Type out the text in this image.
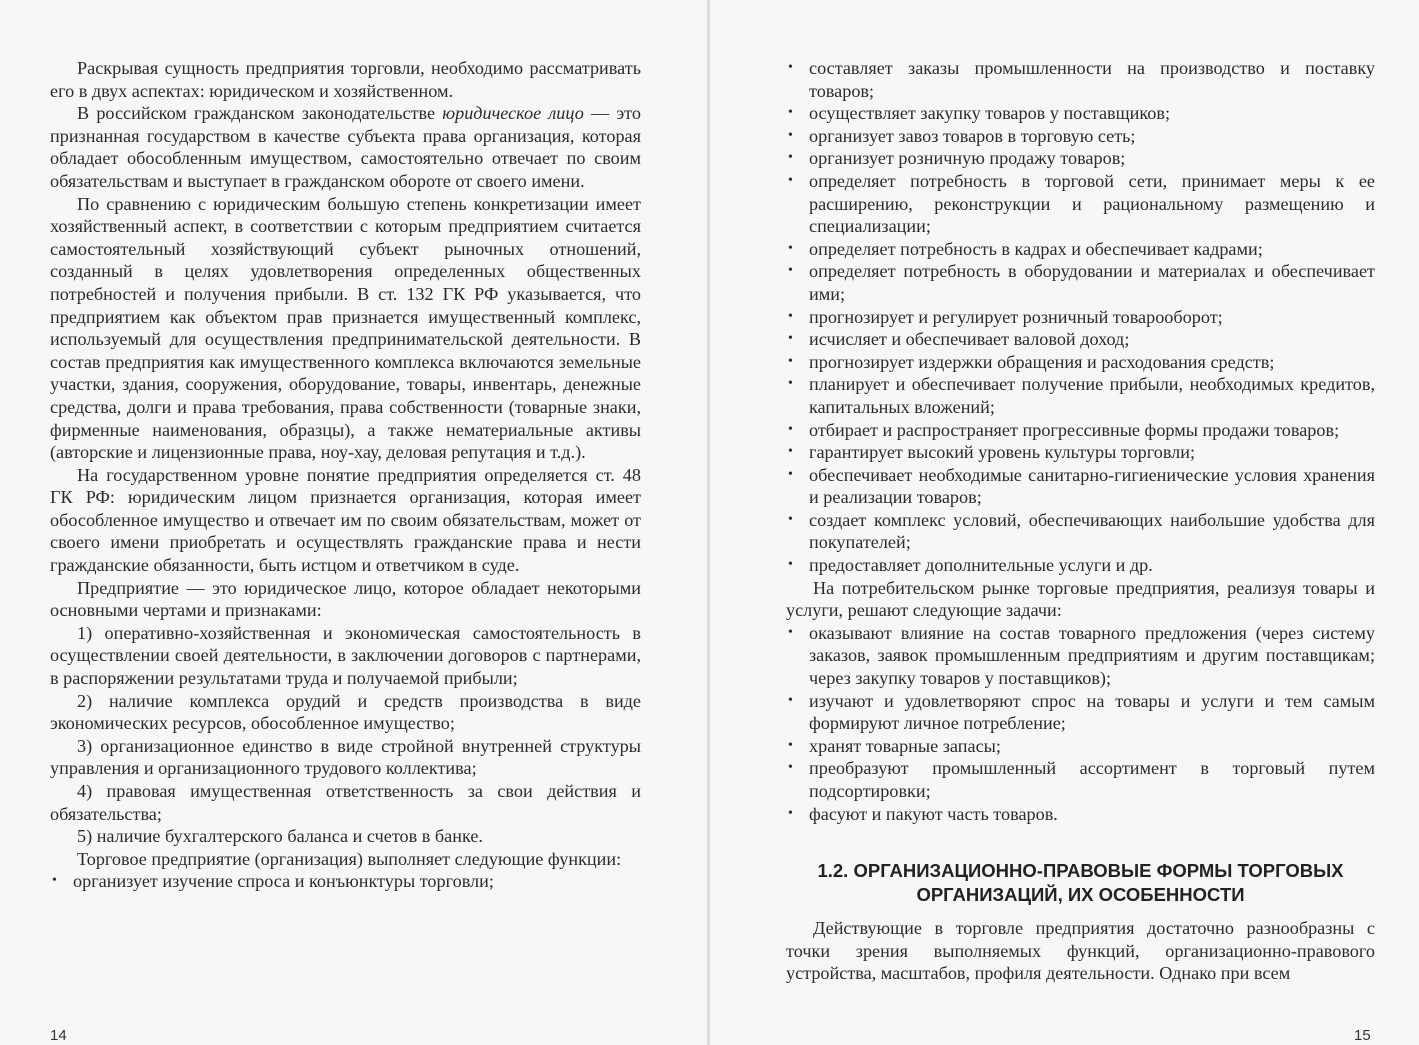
Раскрывая сущность предприятия торговли, необходимо рассматривать его в двух аспектах: юридическом и хозяйственном.

В российском гражданском законодательстве юридическое лицо — это признанная государством в качестве субъекта права организация, которая обладает обособленным имуществом, самостоятельно отвечает по своим обязательствам и выступает в гражданском обороте от своего имени.

По сравнению с юридическим большую степень конкретизации имеет хозяйственный аспект, в соответствии с которым предприятием считается самостоятельный хозяйствующий субъект рыночных отношений, созданный в целях удовлетворения определенных общественных потребностей и получения прибыли. В ст. 132 ГК РФ указывается, что предприятием как объектом прав признается имущественный комплекс, используемый для осуществления предпринимательской деятельности. В состав предприятия как имущественного комплекса включаются земельные участки, здания, сооружения, оборудование, товары, инвентарь, денежные средства, долги и права требования, права собственности (товарные знаки, фирменные наименования, образцы), а также нематериальные активы (авторские и лицензионные права, ноу-хау, деловая репутация и т.д.).

На государственном уровне понятие предприятия определяется ст. 48 ГК РФ: юридическим лицом признается организация, которая имеет обособленное имущество и отвечает им по своим обязательствам, может от своего имени приобретать и осуществлять гражданские права и нести гражданские обязанности, быть истцом и ответчиком в суде.

Предприятие — это юридическое лицо, которое обладает некоторыми основными чертами и признаками:

1) оперативно-хозяйственная и экономическая самостоятельность в осуществлении своей деятельности, в заключении договоров с партнерами, в распоряжении результатами труда и получаемой прибыли;

2) наличие комплекса орудий и средств производства в виде экономических ресурсов, обособленное имущество;

3) организационное единство в виде стройной внутренней структуры управления и организационного трудового коллектива;

4) правовая имущественная ответственность за свои действия и обязательства;

5) наличие бухгалтерского баланса и счетов в банке.

Торговое предприятие (организация) выполняет следующие функции:

• организует изучение спроса и конъюнктуры торговли;
14
• составляет заказы промышленности на производство и поставку товаров;
• осуществляет закупку товаров у поставщиков;
• организует завоз товаров в торговую сеть;
• организует розничную продажу товаров;
• определяет потребность в торговой сети, принимает меры к ее расширению, реконструкции и рациональному размещению и специализации;
• определяет потребность в кадрах и обеспечивает кадрами;
• определяет потребность в оборудовании и материалах и обеспечивает ими;
• прогнозирует и регулирует розничный товарооборот;
• исчисляет и обеспечивает валовой доход;
• прогнозирует издержки обращения и расходования средств;
• планирует и обеспечивает получение прибыли, необходимых кредитов, капитальных вложений;
• отбирает и распространяет прогрессивные формы продажи товаров;
• гарантирует высокий уровень культуры торговли;
• обеспечивает необходимые санитарно-гигиенические условия хранения и реализации товаров;
• создает комплекс условий, обеспечивающих наибольшие удобства для покупателей;
• предоставляет дополнительные услуги и др.

На потребительском рынке торговые предприятия, реализуя товары и услуги, решают следующие задачи:

• оказывают влияние на состав товарного предложения (через систему заказов, заявок промышленным предприятиям и другим поставщикам; через закупку товаров у поставщиков);
• изучают и удовлетворяют спрос на товары и услуги и тем самым формируют личное потребление;
• хранят товарные запасы;
• преобразуют промышленный ассортимент в торговый путем подсортировки;
• фасуют и пакуют часть товаров.
1.2. ОРГАНИЗАЦИОННО-ПРАВОВЫЕ ФОРМЫ ТОРГОВЫХ
ОРГАНИЗАЦИЙ, ИХ ОСОБЕННОСТИ

Действующие в торговле предприятия достаточно разнообразны с точки зрения выполняемых функций, организационно-правового устройства, масштабов, профиля деятельности. Однако при всем

15
